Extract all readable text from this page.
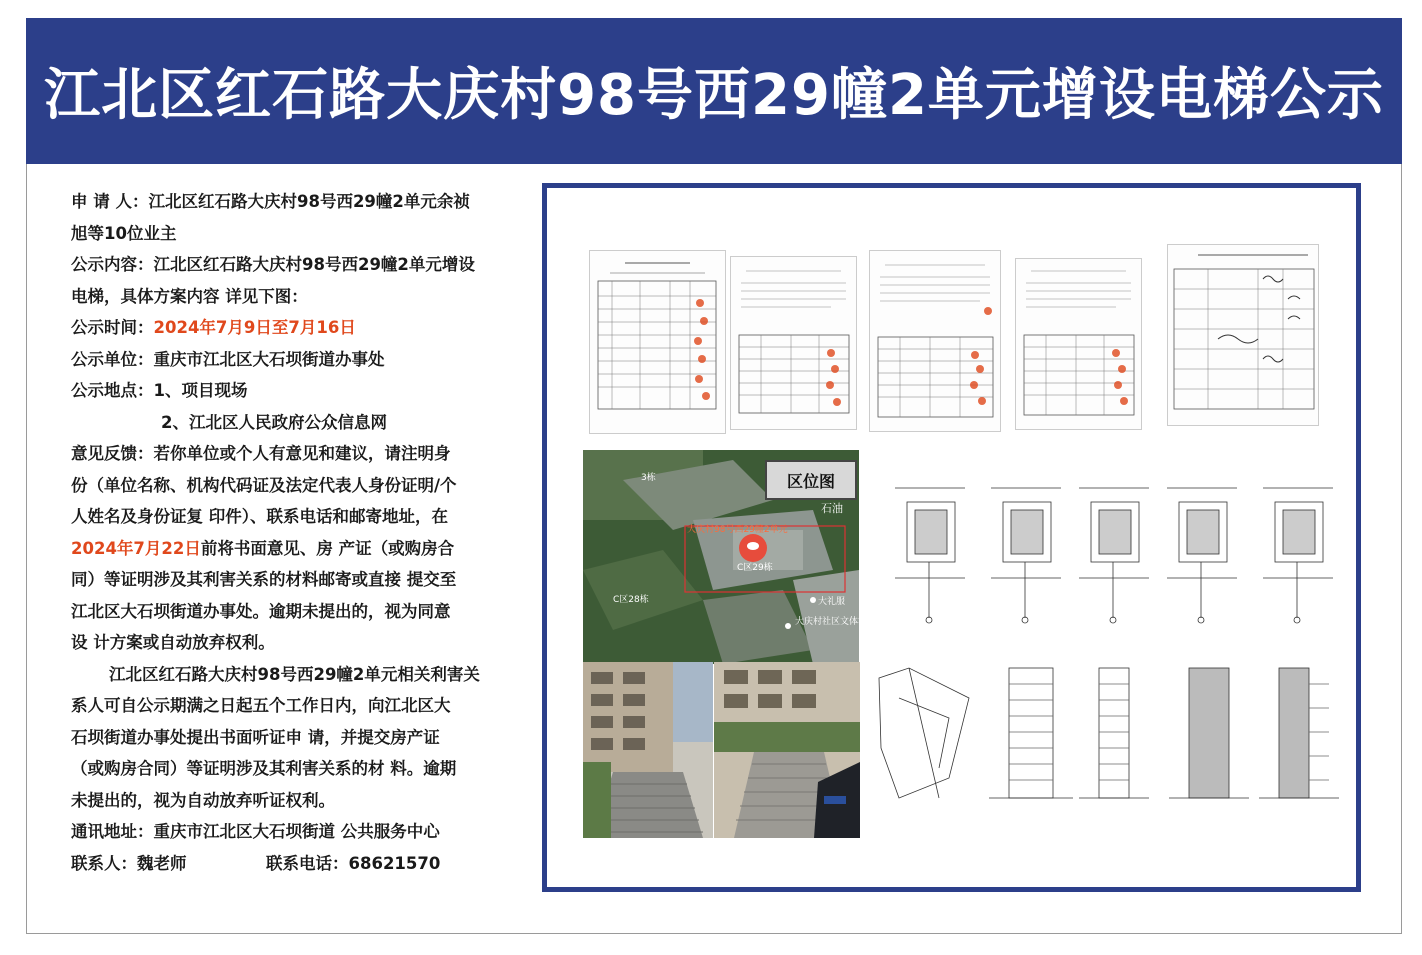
江北区红石路大庆村98号西29幢2单元增设电梯公示

申 请 人：江北区红石路大庆村98号西29幢2单元余祯

旭等10位业主

公示内容：江北区红石路大庆村98号西29幢2单元增设

电梯，具体方案内容 详见下图：

公示时间：2024年7月9日至7月16日

公示单位：重庆市江北区大石坝街道办事处

公示地点：1、项目现场

2、江北区人民政府公众信息网

意见反馈：若你单位或个人有意见和建议，请注明身

份（单位名称、机构代码证及法定代表人身份证明/个

人姓名及身份证复 印件）、联系电话和邮寄地址，在

2024年7月22日前将书面意见、房 产证（或购房合

同）等证明涉及其利害关系的材料邮寄或直接 提交至

江北区大石坝街道办事处。逾期未提出的，视为同意

设 计方案或自动放弃权利。

江北区红石路大庆村98号西29幢2单元相关利害关

系人可自公示期满之日起五个工作日内，向江北区大

石坝街道办事处提出书面听证申 请，并提交房产证

（或购房合同）等证明涉及其利害关系的材 料。逾期

未提出的，视为自动放弃听证权利。

通讯地址：重庆市江北区大石坝街道 公共服务中心

联系人：魏老师	联系电话：68621570

大庆村98号西29幢2单元
C区29栋
C区28栋
3栋
石油
大礼服
大庆村社区文体活动中心
区位图
